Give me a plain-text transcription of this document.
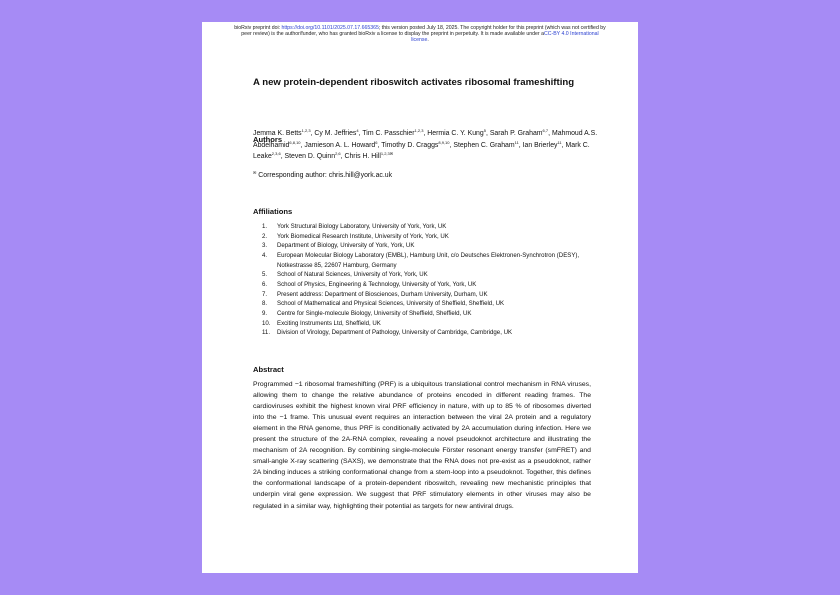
bioRxiv preprint doi: https://doi.org/10.1101/2025.07.17.665365; this version posted July 18, 2025. The copyright holder for this preprint (which was not certified by peer review) is the author/funder, who has granted bioRxiv a license to display the preprint in perpetuity. It is made available under aCC-BY 4.0 International license.
A new protein-dependent riboswitch activates ribosomal frameshifting
Authors

Jemma K. Betts$^{1,2,3}$, Cy M. Jeffries$^4$, Tim C. Passchier$^{1,2,3}$, Hermia C. Y. Kung$^5$, Sarah P. Graham$^{6,7}$, Mahmoud A.S. Abdelhamid$^{6,8,10}$, Jamieson A. L. Howard$^6$, Timothy D. Craggs$^{8,9,10}$, Stephen C. Graham$^{11}$, Ian Brierley$^{11}$, Mark C. Leake$^{2,3,6}$, Steven D. Quinn$^{2,6}$, Chris H. Hill$^{1,2,3✉}$

✉ Corresponding author: chris.hill@york.ac.uk

Affiliations
1.	York Structural Biology Laboratory, University of York, York, UK
2.	York Biomedical Research Institute, University of York, York, UK
3.	Department of Biology, University of York, York, UK
4.	European Molecular Biology Laboratory (EMBL), Hamburg Unit, c/o Deutsches Elektronen-Synchrotron (DESY), Notkestrasse 85, 22607 Hamburg, Germany
5.	School of Natural Sciences, University of York, York, UK
6.	School of Physics, Engineering & Technology, University of York, York, UK
7.	Present address: Department of Biosciences, Durham University, Durham, UK
8.	School of Mathematical and Physical Sciences, University of Sheffield, Sheffield, UK
9.	Centre for Single-molecule Biology, University of Sheffield, Sheffield, UK
10.	Exciting Instruments Ltd, Sheffield, UK
11.	Division of Virology, Department of Pathology, University of Cambridge, Cambridge, UK
Abstract

Programmed −1 ribosomal frameshifting (PRF) is a ubiquitous translational control mechanism in RNA viruses, allowing them to change the relative abundance of proteins encoded in different reading frames. The cardioviruses exhibit the highest known viral PRF efficiency in nature, with up to 85 % of ribosomes diverted into the −1 frame. This unusual event requires an interaction between the viral 2A protein and a regulatory element in the RNA genome, thus PRF is conditionally activated by 2A accumulation during infection. Here we present the structure of the 2A-RNA complex, revealing a novel pseudoknot architecture and illustrating the mechanism of 2A recognition. By combining single-molecule Förster resonant energy transfer (smFRET) and small-angle X-ray scattering (SAXS), we demonstrate that the RNA does not pre-exist as a pseudoknot, rather 2A binding induces a striking conformational change from a stem-loop into a pseudoknot. Together, this defines the conformational landscape of a protein-dependent riboswitch, revealing new mechanistic principles that underpin viral gene expression. We suggest that PRF stimulatory elements in other viruses may also be regulated in a similar way, highlighting their potential as targets for new antiviral drugs.
